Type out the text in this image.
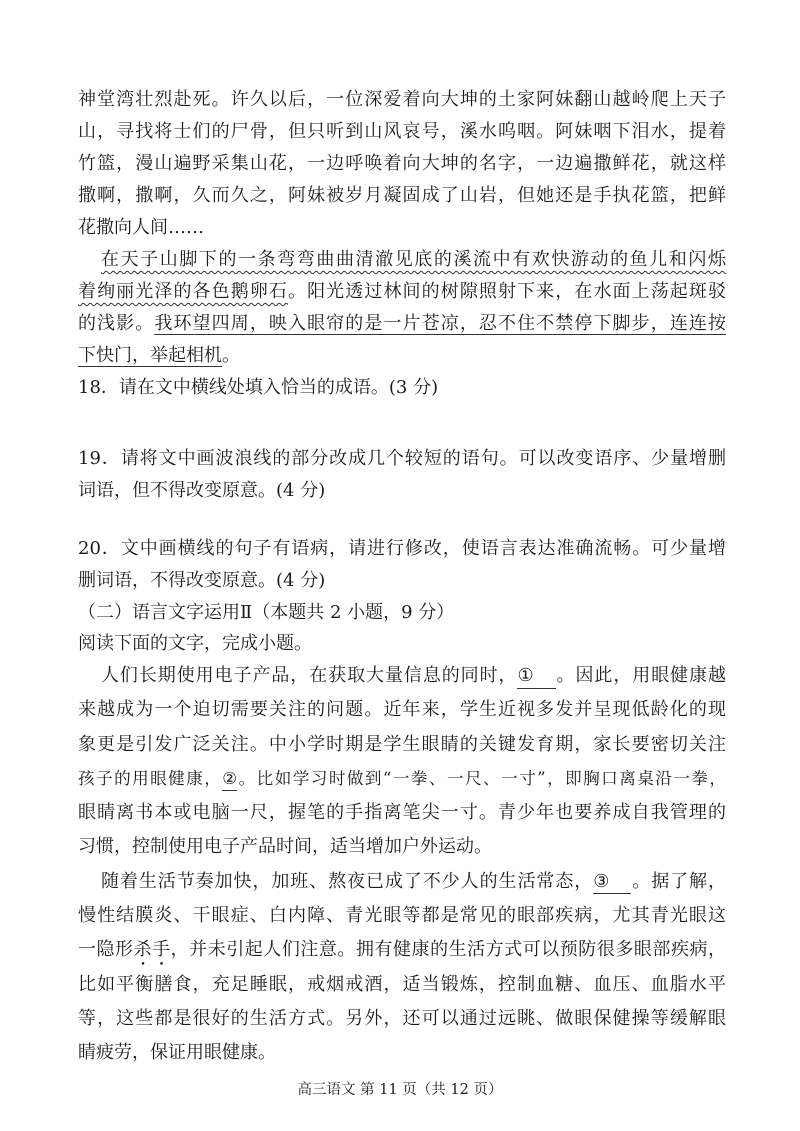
神堂湾壮烈赴死。许久以后，一位深爱着向大坤的土家阿妹翻山越岭爬上天子
山，寻找将士们的尸骨，但只听到山风哀号，溪水呜咽。阿妹咽下泪水，提着
竹篮，漫山遍野采集山花，一边呼唤着向大坤的名字，一边遍撒鲜花，就这样
撒啊，撒啊，久而久之，阿妹被岁月凝固成了山岩，但她还是手执花篮，把鲜
花撒向人间……
在天子山脚下的一条弯弯曲曲清澈见底的溪流中有欢快游动的鱼儿和闪烁
着绚丽光泽的各色鹅卵石。阳光透过林间的树隙照射下来，在水面上荡起斑驳
的浅影。我环望四周，映入眼帘的是一片苍凉，忍不住不禁停下脚步，连连按
下快门，举起相机。
18．请在文中横线处填入恰当的成语。(3 分)
19．请将文中画波浪线的部分改成几个较短的语句。可以改变语序、少量增删
词语，但不得改变原意。(4 分)
20．文中画横线的句子有语病，请进行修改，使语言表达准确流畅。可少量增
删词语，不得改变原意。(4 分)
（二）语言文字运用Ⅱ（本题共 2 小题，9 分）
阅读下面的文字，完成小题。
人们长期使用电子产品，在获取大量信息的同时，① 。因此，用眼健康越
来越成为一个迫切需要关注的问题。近年来，学生近视多发并呈现低龄化的现
象更是引发广泛关注。中小学时期是学生眼睛的关键发育期，家长要密切关注
孩子的用眼健康，②。比如学习时做到“一拳、一尺、一寸”，即胸口离桌沿一拳，
眼睛离书本或电脑一尺，握笔的手指离笔尖一寸。青少年也要养成自我管理的
习惯，控制使用电子产品时间，适当增加户外运动。
随着生活节奏加快，加班、熬夜已成了不少人的生活常态，③ 。据了解，
慢性结膜炎、干眼症、白内障、青光眼等都是常见的眼部疾病，尤其青光眼这
一隐形杀手，并未引起人们注意。拥有健康的生活方式可以预防很多眼部疾病，
比如平衡膳食，充足睡眠，戒烟戒酒，适当锻炼，控制血糖、血压、血脂水平
等，这些都是很好的生活方式。另外，还可以通过远眺、做眼保健操等缓解眼
睛疲劳，保证用眼健康。
高三语文 第 11 页（共 12 页）
